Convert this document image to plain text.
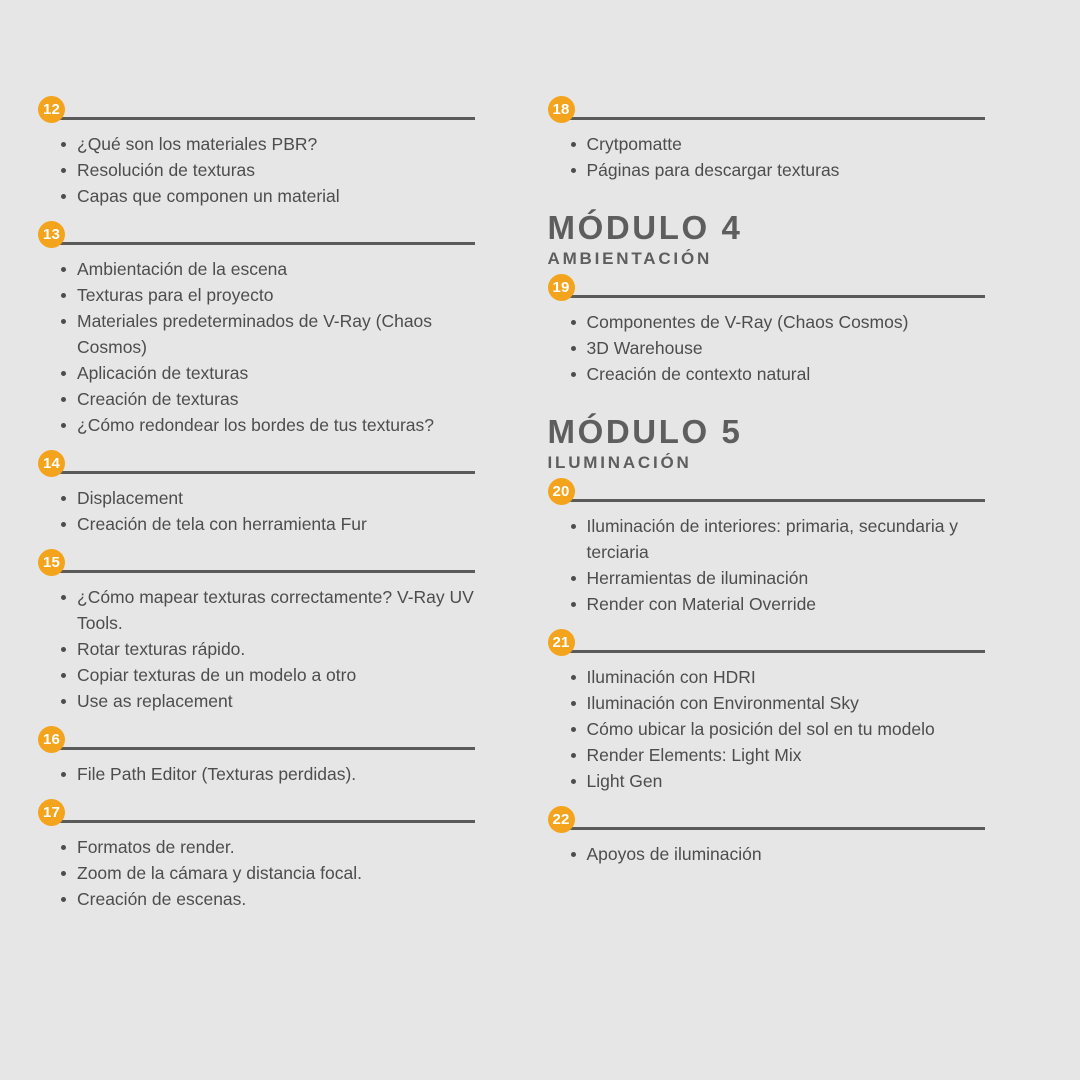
12
¿Qué son los materiales PBR?
Resolución de texturas
Capas que componen un material
13
Ambientación de la escena
Texturas para el proyecto
Materiales predeterminados de V-Ray (Chaos Cosmos)
Aplicación de texturas
Creación de texturas
¿Cómo redondear los bordes de tus texturas?
14
Displacement
Creación de tela con herramienta Fur
15
¿Cómo mapear texturas correctamente? V-Ray UV Tools.
Rotar texturas rápido.
Copiar texturas de un modelo a otro
Use as replacement
16
File Path Editor (Texturas perdidas).
17
Formatos de render.
Zoom de la cámara y distancia focal.
Creación de escenas.
18
Crytpomatte
Páginas para descargar texturas
MÓDULO 4
AMBIENTACIÓN
19
Componentes de V-Ray (Chaos Cosmos)
3D Warehouse
Creación de contexto natural
MÓDULO 5
ILUMINACIÓN
20
Iluminación de interiores: primaria, secundaria y terciaria
Herramientas de iluminación
Render con Material Override
21
Iluminación con HDRI
Iluminación con Environmental Sky
Cómo ubicar la posición del sol en tu modelo
Render Elements: Light Mix
Light Gen
22
Apoyos de iluminación
